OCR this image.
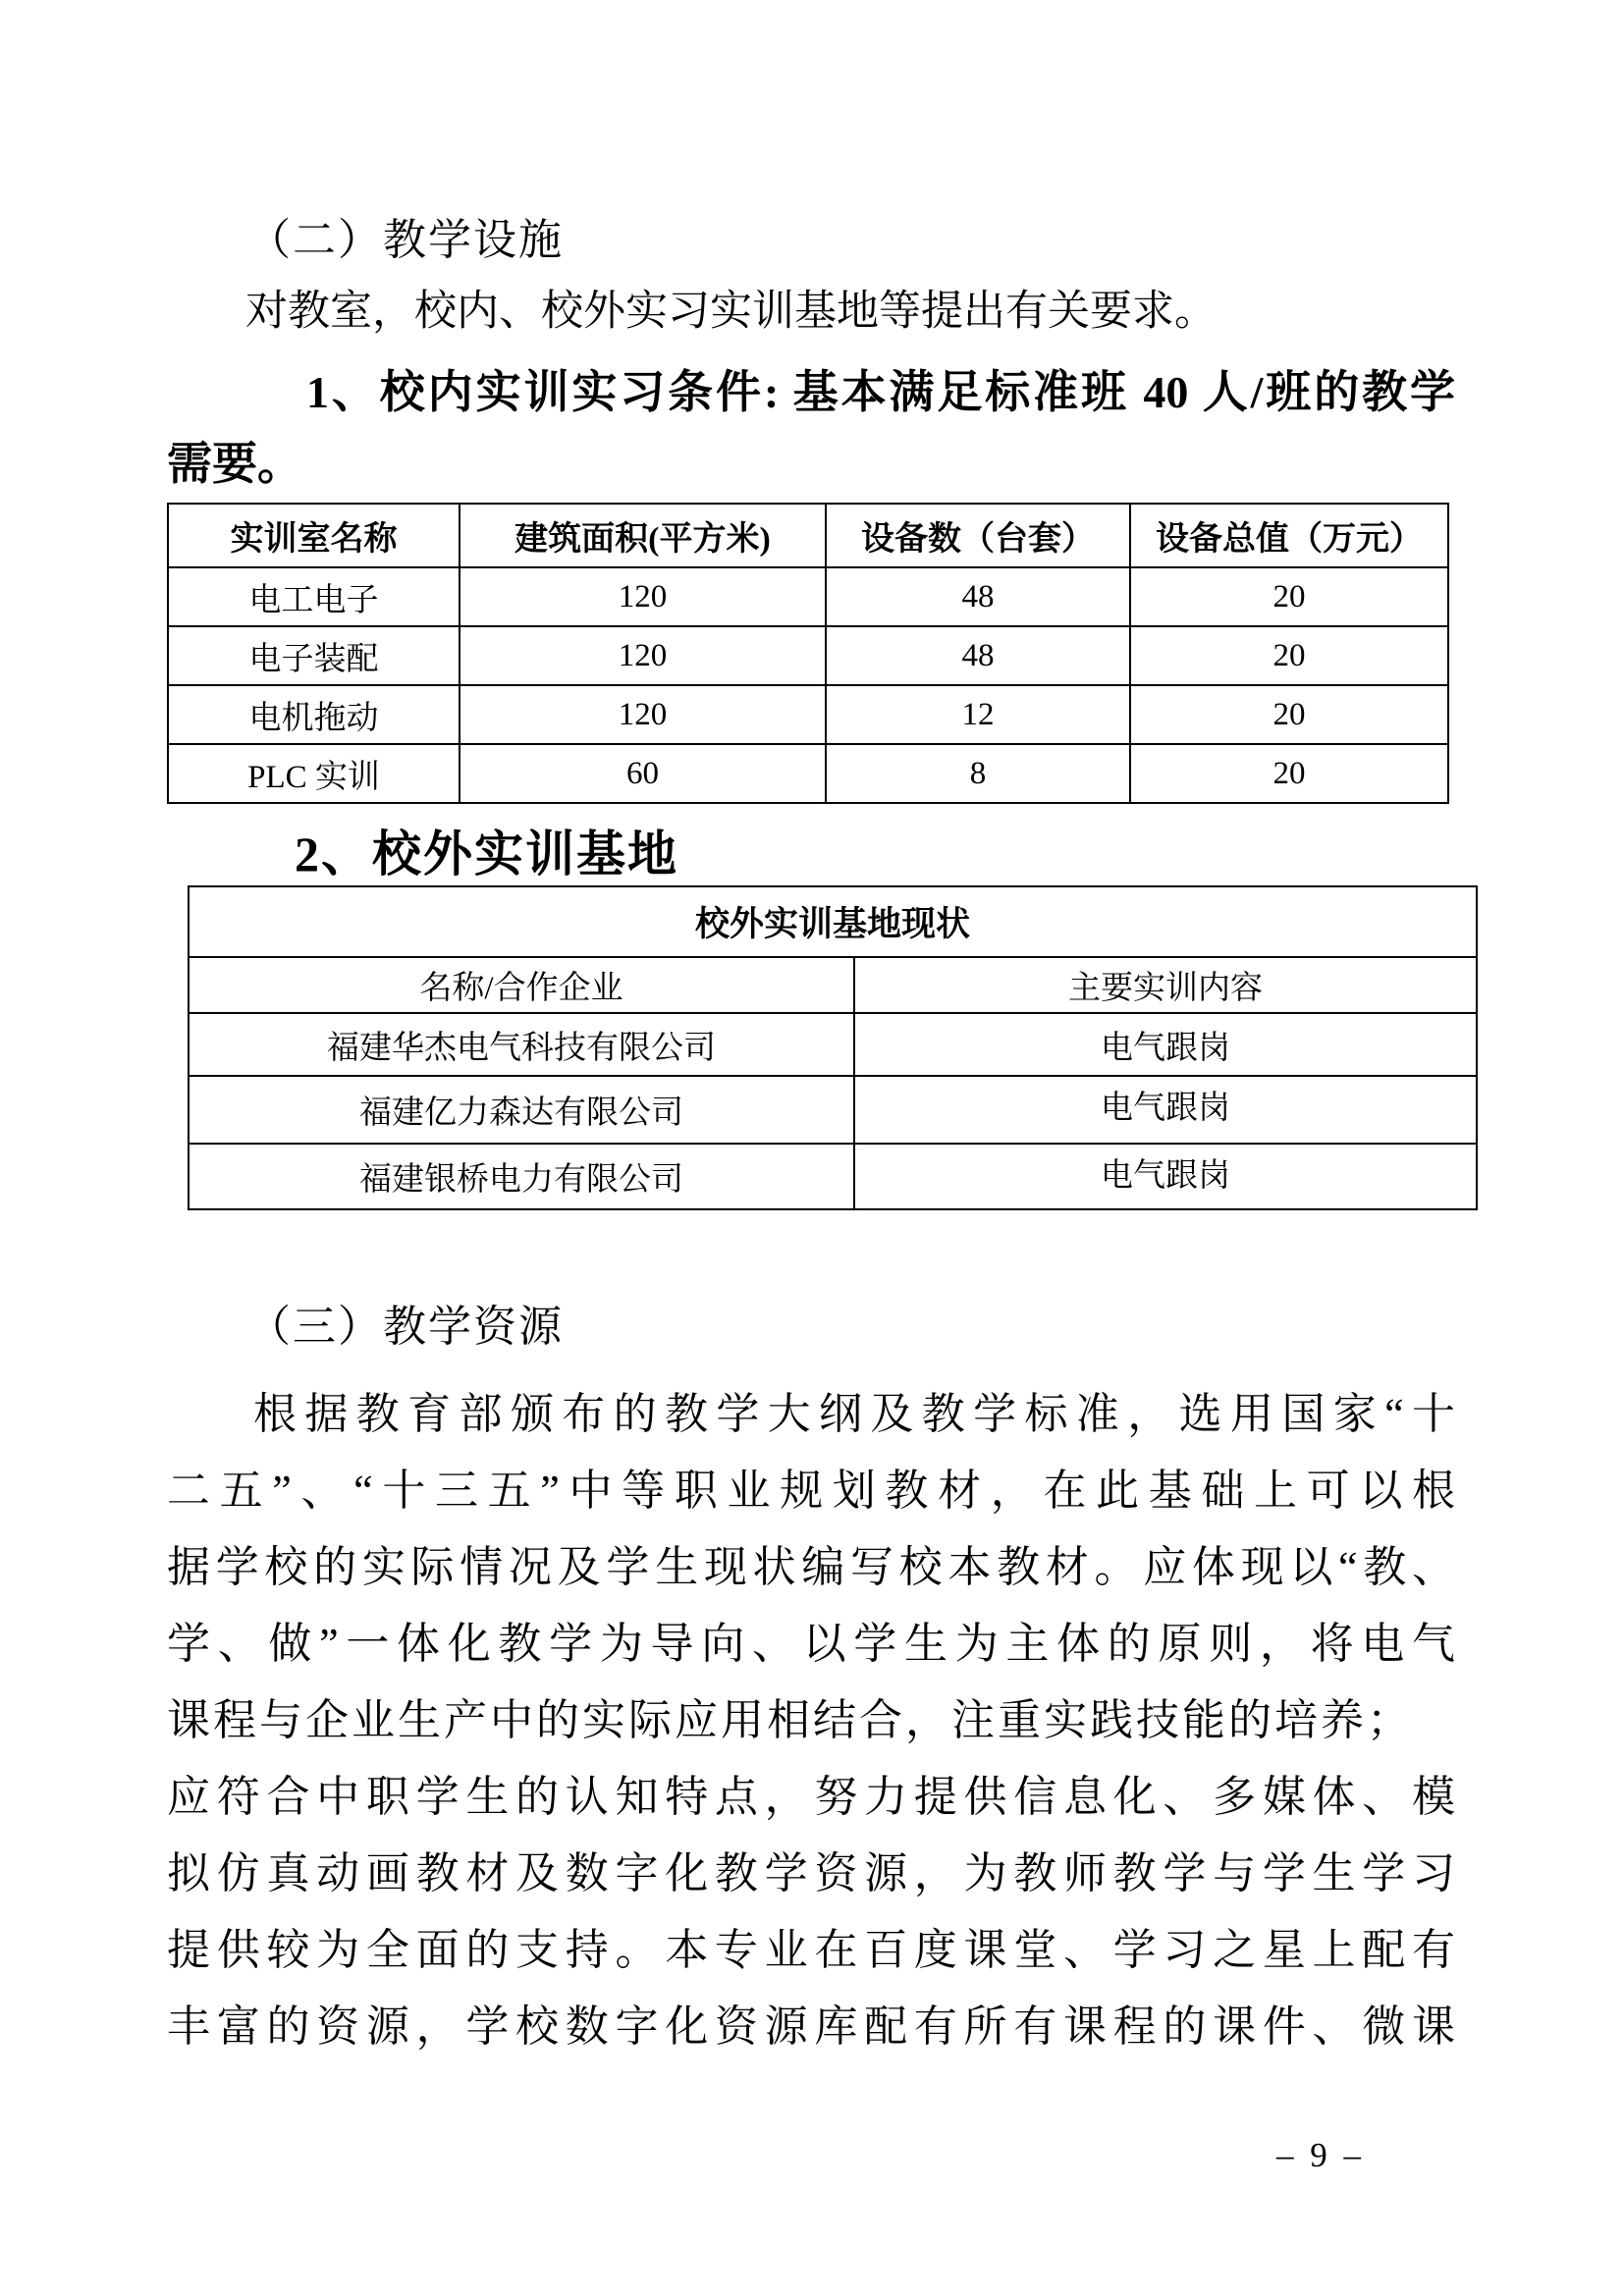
（二）教学设施
对教室，校内、校外实习实训基地等提出有关要求。
1、校内实训实习条件: 基本满足标准班 40 人/班的教学
需要。
实训室名称	建筑面积(平方米)	设备数（台套）	设备总值（万元）
电工电子	120	48	20
电子装配	120	48	20
电机拖动	120	12	20
PLC 实训	60	8	20
2、校外实训基地
校外实训基地现状	
名称/合作企业	主要实训内容
福建华杰电气科技有限公司	电气跟岗
福建亿力森达有限公司	电气跟岗
福建银桥电力有限公司	电气跟岗
（三）教学资源
根据教育部颁布的教学大纲及教学标准，选用国家“十
二五”、“十三五”中等职业规划教材，在此基础上可以根
据学校的实际情况及学生现状编写校本教材。应体现以“教、
学、做”一体化教学为导向、以学生为主体的原则，将电气
课程与企业生产中的实际应用相结合，注重实践技能的培养；
应符合中职学生的认知特点，努力提供信息化、多媒体、模
拟仿真动画教材及数字化教学资源，为教师教学与学生学习
提供较为全面的支持。本专业在百度课堂、学习之星上配有
丰富的资源，学校数字化资源库配有所有课程的课件、微课
– 9 –
